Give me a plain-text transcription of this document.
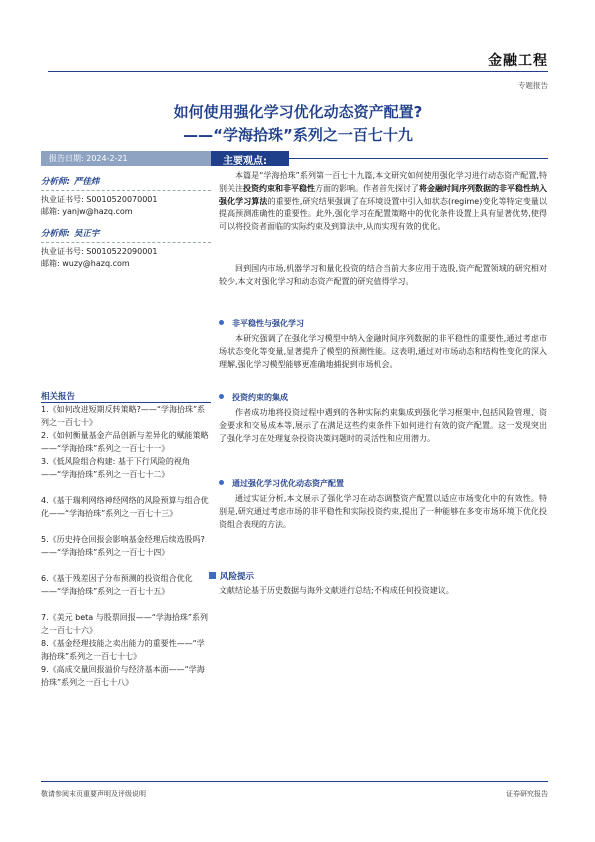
金融工程
专题报告
如何使用强化学习优化动态资产配置?
——“学海拾珠”系列之一百七十九
报告日期: 2024-2-21	主要观点:
分析师: 严佳炜
执业证书号: S0010520070001
邮箱: yanjw@hazq.com
分析师: 吴正宇
执业证书号: S0010522090001
邮箱: wuzy@hazq.com
相关报告
1.《如何改进短期反转策略?——“学海拾珠”系列之一百七十》
2.《如何衡量基金产品创新与差异化的赋能策略——“学海拾珠”系列之一百七十一》
3.《低风险组合构建: 基于下行风险的视角——“学海拾珠”系列之一百七十二》
4.《基于瑞利网络神经网络的风险预算与组合优化——“学海拾珠”系列之一百七十三》
5.《历史持仓回报会影响基金经理后续选股吗?——“学海拾珠”系列之一百七十四》
6.《基于残差因子分布预测的投资组合优化——“学海拾珠”系列之一百七十五》
7.《美元 beta 与股票回报——“学海拾珠”系列之一百七十六》
8.《基金经理技能之卖出能力的重要性——“学海拾珠”系列之一百七十七》
9.《高成交量回报溢价与经济基本面——“学海拾珠”系列之一百七十八》
本篇是“学海拾珠”系列第一百七十九篇,本文研究如何使用强化学习进行动态资产配置,特别关注投资约束和非平稳性方面的影响。作者首先探讨了将金融时间序列数据的非平稳性纳入强化学习算法的重要性,研究结果强调了在环境设置中引入如状态(regime)变化等特定变量以提高预测准确性的重要性。此外,强化学习在配置策略中的优化条件设置上具有显著优势,使得可以将投资者面临的实际约束及到算法中,从而实现有效的优化。
回到国内市场,机器学习和量化投资的结合当前大多应用于选股,资产配置领域的研究相对较少,本文对强化学习和动态资产配置的研究值得学习。
非平稳性与强化学习
本研究强调了在强化学习模型中纳入金融时间序列数据的非平稳性的重要性,通过考虑市场状态变化等变量,显著提升了模型的预测性能。这表明,通过对市场动态和结构性变化的深入理解,强化学习模型能够更准确地捕捉到市场机会。
投资约束的集成
作者成功地将投资过程中遇到的各种实际约束集成到强化学习框架中,包括风险管理、资金要求和交易成本等,展示了在满足这些约束条件下如何进行有效的资产配置。这一发现突出了强化学习在处理复杂投资决策问题时的灵活性和应用潜力。
通过强化学习优化动态资产配置
通过实证分析,本文展示了强化学习在动态调整资产配置以适应市场变化中的有效性。特别是,研究通过考虑市场的非平稳性和实际投资约束,提出了一种能够在多变市场环境下优化投资组合表现的方法。
风险提示
文献结论基于历史数据与海外文献进行总结;不构成任何投资建议。
敬请参阅末页重要声明及评级说明	证券研究报告
